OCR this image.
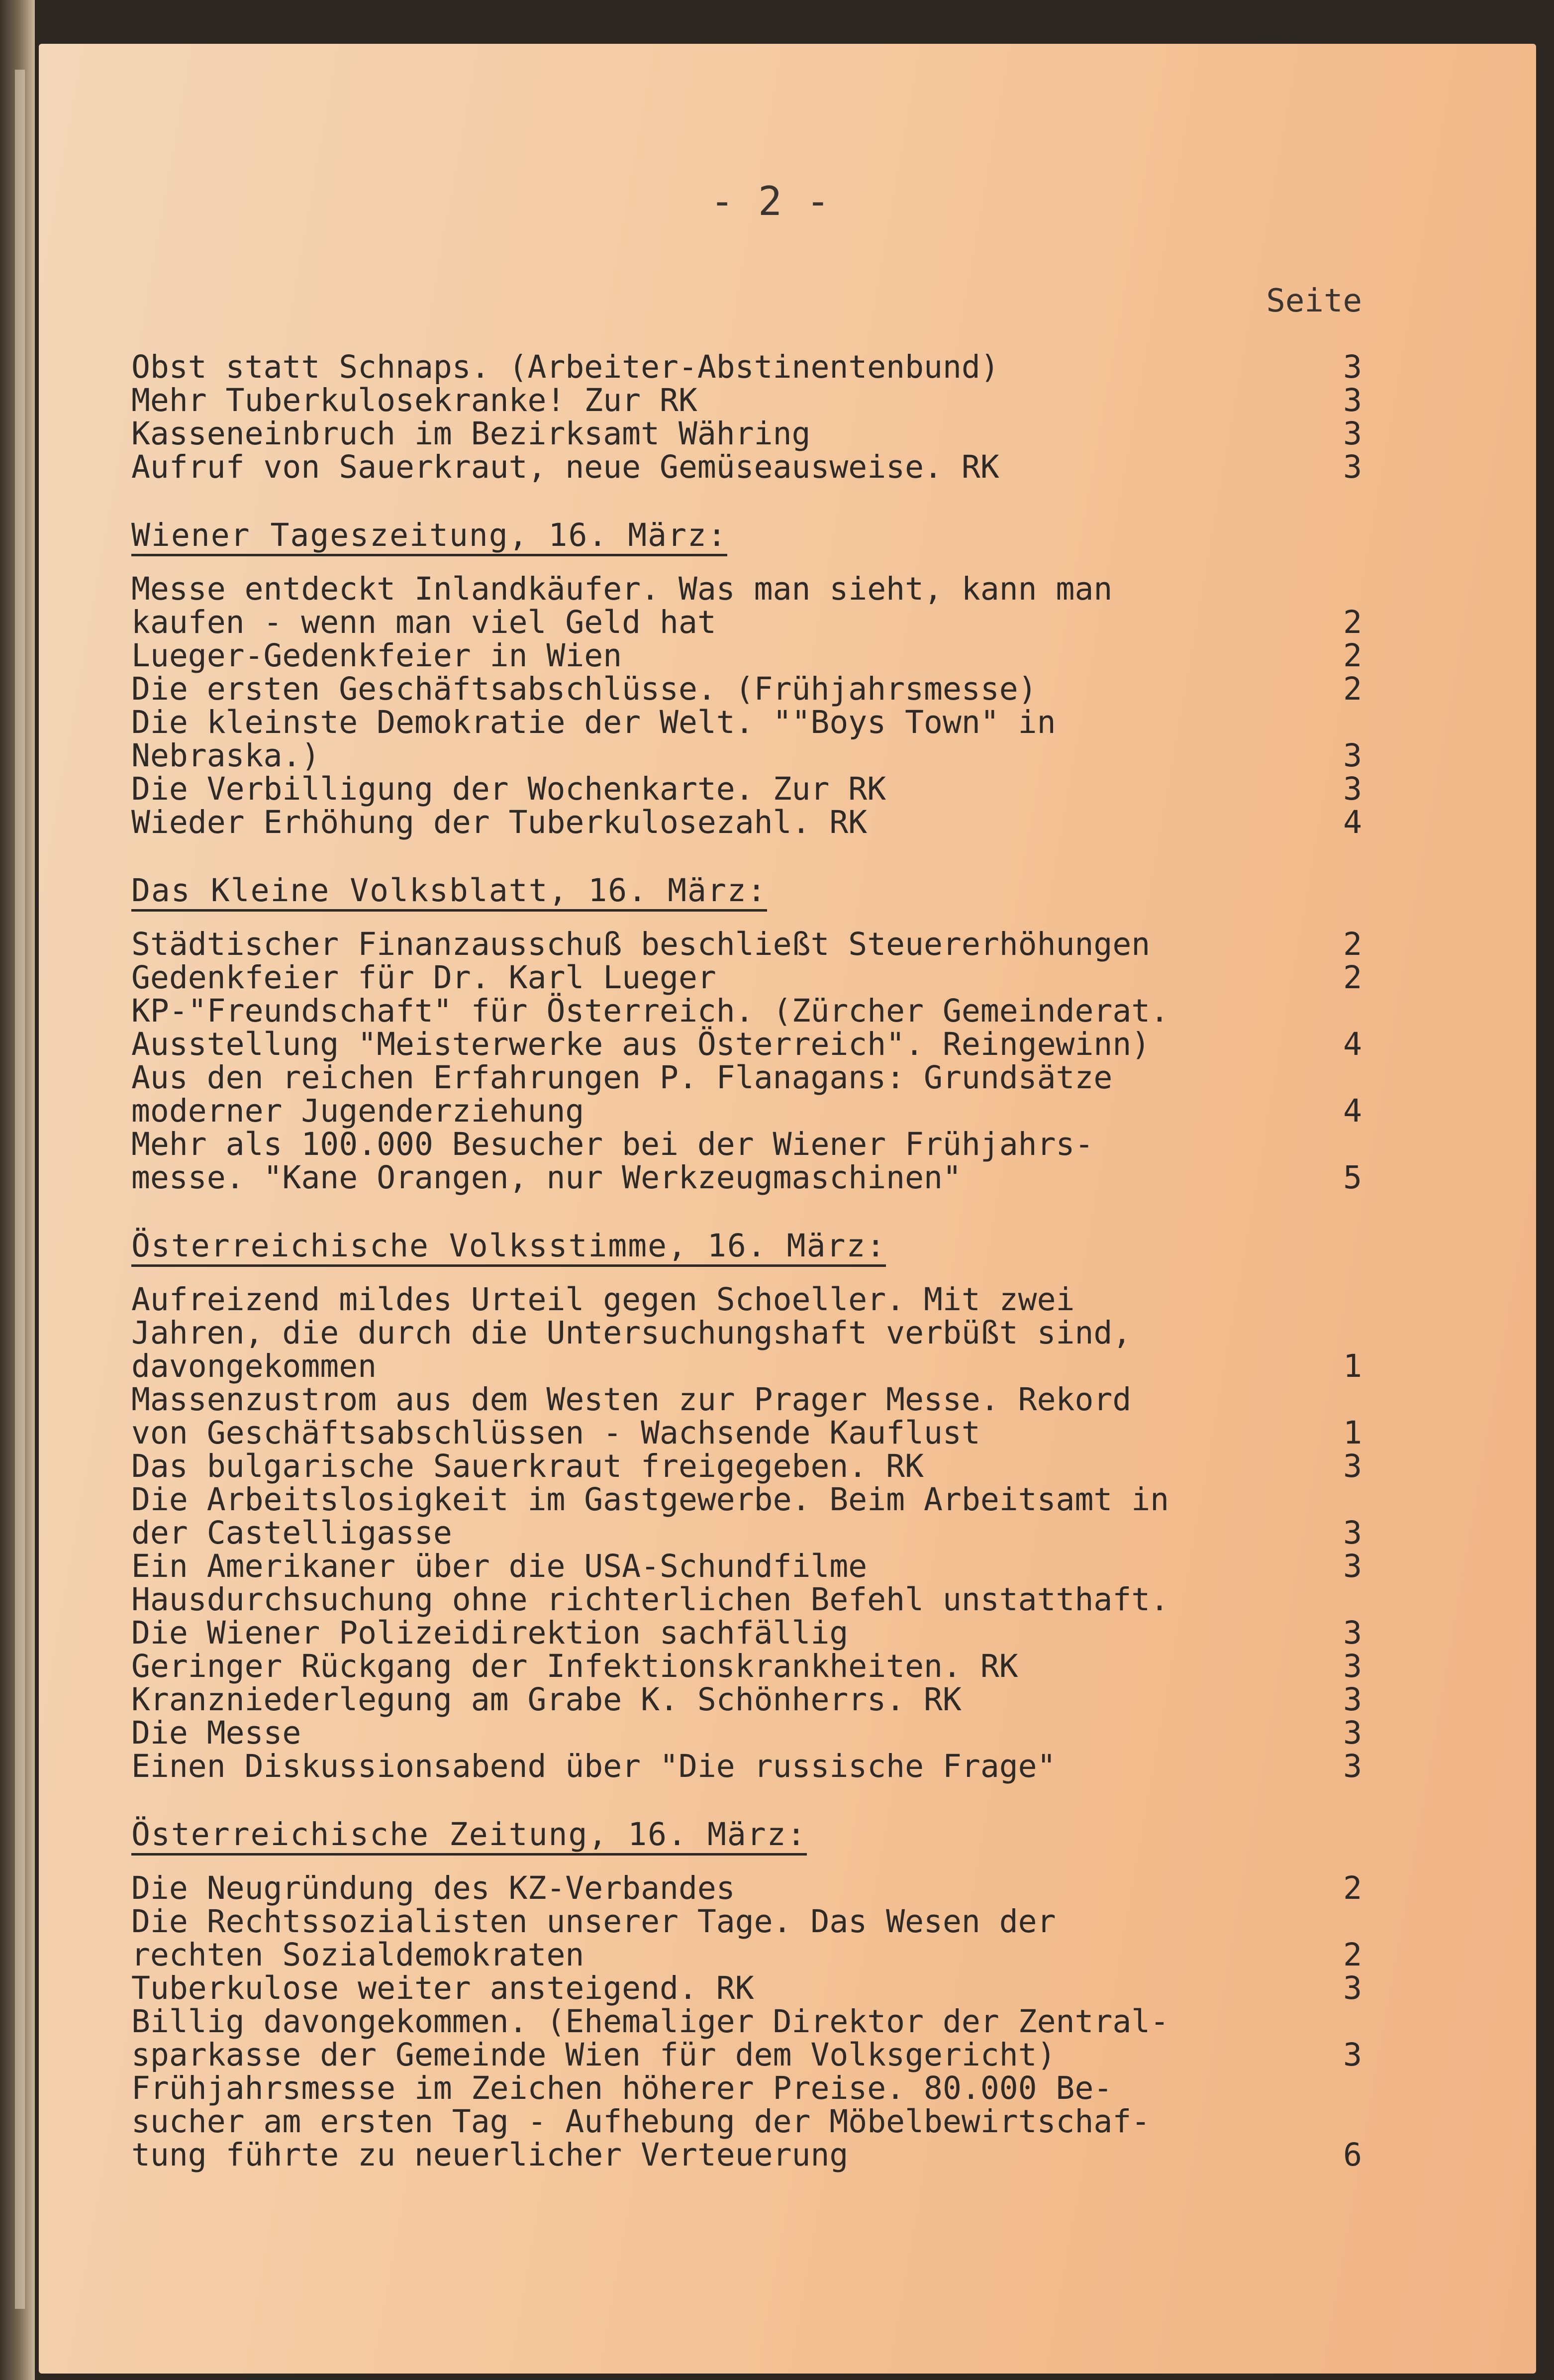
- 2 -
Seite
Obst statt Schnaps. (Arbeiter-Abstinentenbund)	3
Mehr Tuberkulosekranke! Zur RK	3
Kasseneinbruch im Bezirksamt Währing	3
Aufruf von Sauerkraut, neue Gemüseausweise. RK	3
Wiener Tageszeitung, 16. März:
Messe entdeckt Inlandkäufer. Was man sieht, kann man
kaufen - wenn man viel Geld hat	2
Lueger-Gedenkfeier in Wien	2
Die ersten Geschäftsabschlüsse. (Frühjahrsmesse)	2
Die kleinste Demokratie der Welt. ""Boys Town" in
Nebraska.)	3
Die Verbilligung der Wochenkarte. Zur RK	3
Wieder Erhöhung der Tuberkulosezahl. RK	4
Das Kleine Volksblatt, 16. März:
Städtischer Finanzausschuß beschließt Steuererhöhungen	2
Gedenkfeier für Dr. Karl Lueger	2
KP-"Freundschaft" für Österreich. (Zürcher Gemeinderat.
Ausstellung "Meisterwerke aus Österreich". Reingewinn)	4
Aus den reichen Erfahrungen P. Flanagans: Grundsätze
moderner Jugenderziehung	4
Mehr als 100.000 Besucher bei der Wiener Frühjahrs-
messe. "Kane Orangen, nur Werkzeugmaschinen"	5
Österreichische Volksstimme, 16. März:
Aufreizend mildes Urteil gegen Schoeller. Mit zwei
Jahren, die durch die Untersuchungshaft verbüßt sind,
davongekommen	1
Massenzustrom aus dem Westen zur Prager Messe. Rekord
von Geschäftsabschlüssen - Wachsende Kauflust	1
Das bulgarische Sauerkraut freigegeben. RK	3
Die Arbeitslosigkeit im Gastgewerbe. Beim Arbeitsamt in
der Castelligasse	3
Ein Amerikaner über die USA-Schundfilme	3
Hausdurchsuchung ohne richterlichen Befehl unstatthaft.
Die Wiener Polizeidirektion sachfällig	3
Geringer Rückgang der Infektionskrankheiten. RK	3
Kranzniederlegung am Grabe K. Schönherrs. RK	3
Die Messe	3
Einen Diskussionsabend über "Die russische Frage"	3
Österreichische Zeitung, 16. März:
Die Neugründung des KZ-Verbandes	2
Die Rechtssozialisten unserer Tage. Das Wesen der
rechten Sozialdemokraten	2
Tuberkulose weiter ansteigend. RK	3
Billig davongekommen. (Ehemaliger Direktor der Zentral-
sparkasse der Gemeinde Wien für dem Volksgericht)	3
Frühjahrsmesse im Zeichen höherer Preise. 80.000 Be-
sucher am ersten Tag - Aufhebung der Möbelbewirtschaf-
tung führte zu neuerlicher Verteuerung	6
